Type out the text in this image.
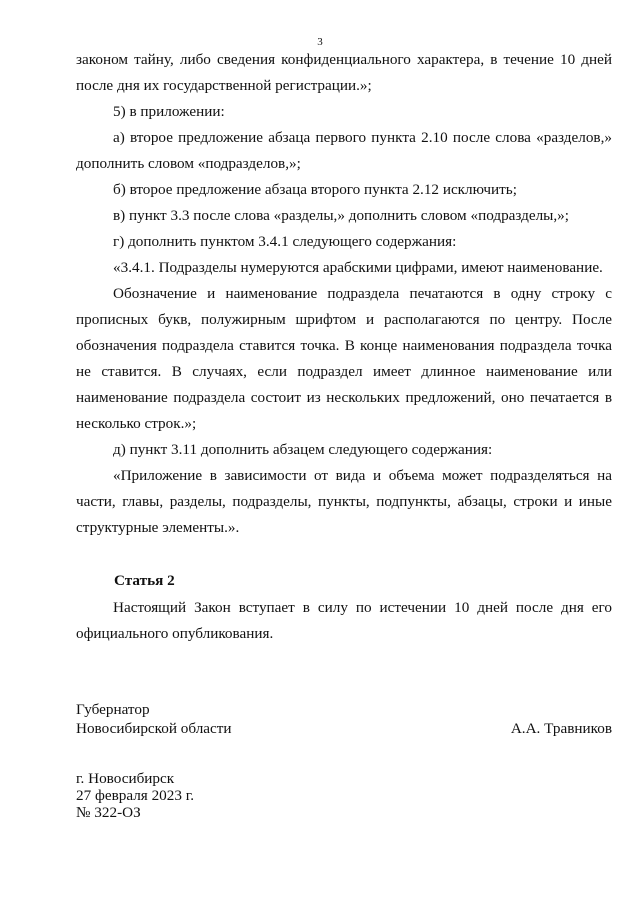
3

законом тайну, либо сведения конфиденциального характера, в течение 10 дней после дня их государственной регистрации.»;

5) в приложении:

а) второе предложение абзаца первого пункта 2.10 после слова «разделов,» дополнить словом «подразделов,»;

б) второе предложение абзаца второго пункта 2.12 исключить;

в) пункт 3.3 после слова «разделы,» дополнить словом «подразделы,»;

г) дополнить пунктом 3.4.1 следующего содержания:

«3.4.1. Подразделы нумеруются арабскими цифрами, имеют наименование.

Обозначение и наименование подраздела печатаются в одну строку с прописных букв, полужирным шрифтом и располагаются по центру. После обозначения подраздела ставится точка. В конце наименования подраздела точка не ставится. В случаях, если подраздел имеет длинное наименование или наименование подраздела состоит из нескольких предложений, оно печатается в несколько строк.»;

д) пункт 3.11 дополнить абзацем следующего содержания:

«Приложение в зависимости от вида и объема может подразделяться на части, главы, разделы, подразделы, пункты, подпункты, абзацы, строки и иные структурные элементы.».

Статья 2

Настоящий Закон вступает в силу по истечении 10 дней после дня его официального опубликования.

Губернатор
Новосибирской области	А.А. Травников
г. Новосибирск
27 февраля 2023 г.
№ 322-ОЗ
